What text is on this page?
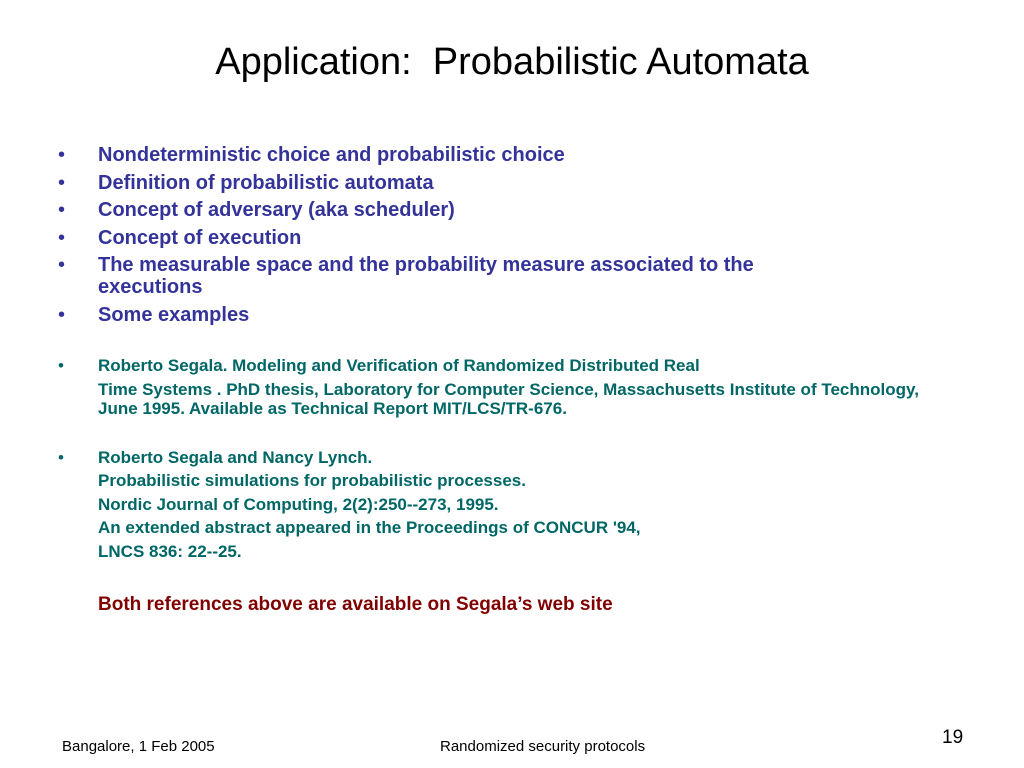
Application:  Probabilistic Automata
• Nondeterministic choice and probabilistic choice
• Definition of probabilistic automata
• Concept of adversary (aka scheduler)
• Concept of execution
• The measurable space and the probability measure associated to the executions
• Some examples
• Roberto Segala. Modeling and Verification of Randomized Distributed Real
Time Systems . PhD thesis, Laboratory for Computer Science, Massachusetts Institute of Technology, June 1995. Available as Technical Report MIT/LCS/TR-676.
• Roberto Segala and Nancy Lynch.
Probabilistic simulations for probabilistic processes.
Nordic Journal of Computing, 2(2):250--273, 1995.
An extended abstract appeared in the Proceedings of CONCUR '94,
LNCS 836: 22--25.
Both references above are available on Segala’s web site
Bangalore, 1 Feb 2005	Randomized security protocols	19
